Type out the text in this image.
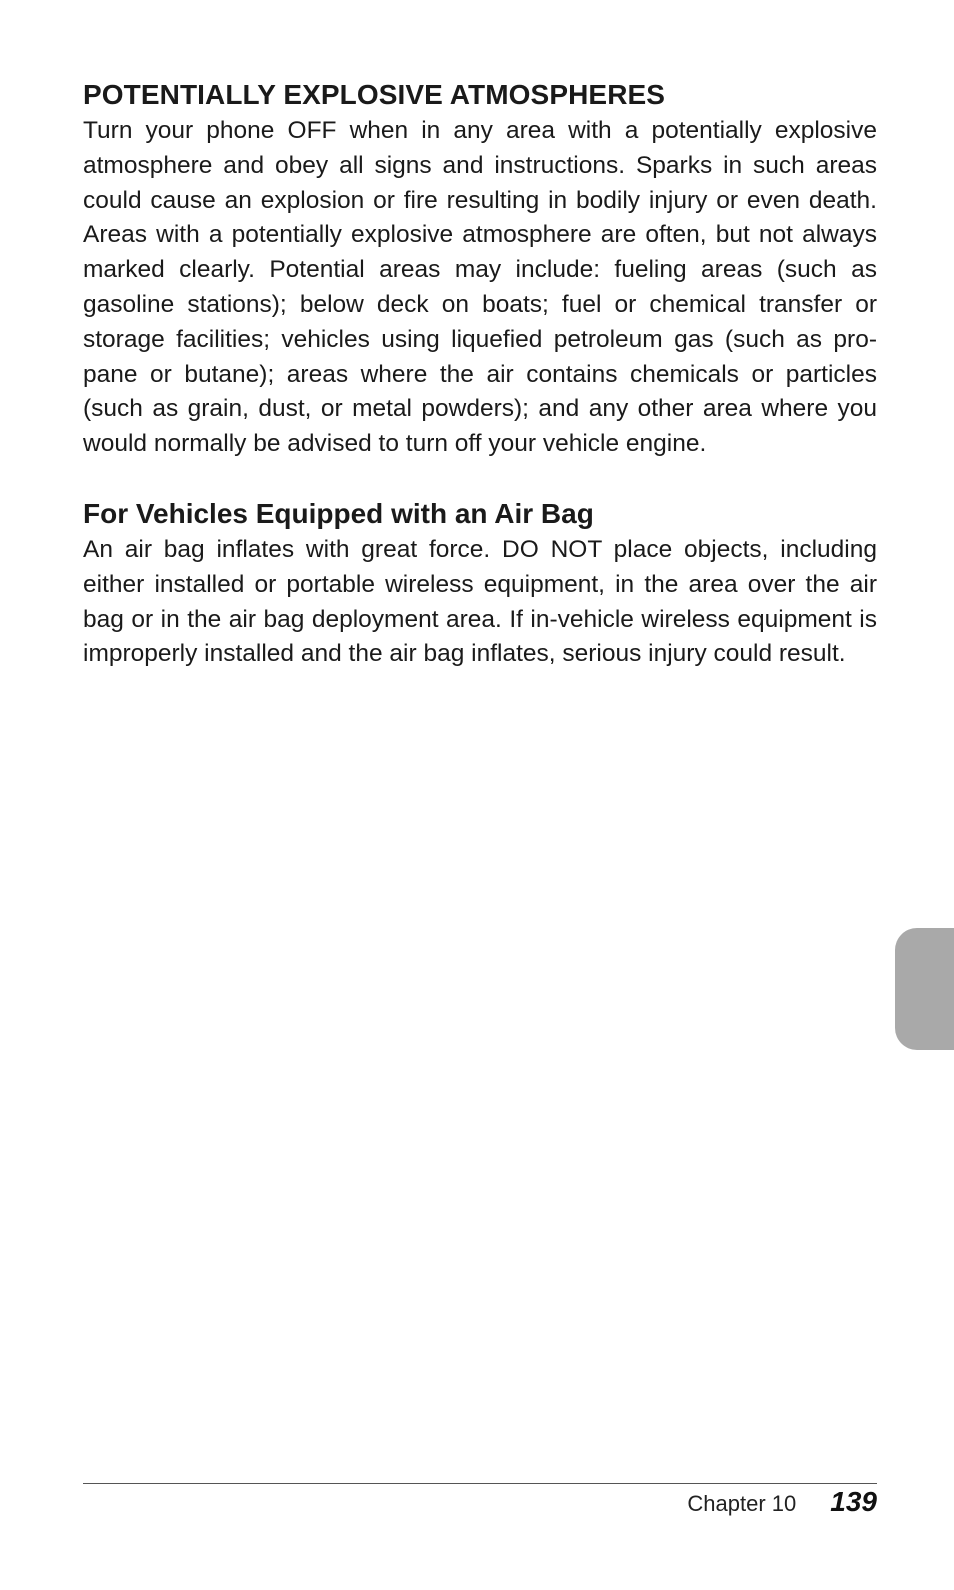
POTENTIALLY EXPLOSIVE ATMOSPHERES

Turn your phone OFF when in any area with a potentially explosive atmosphere and obey all signs and instructions. Sparks in such areas could cause an explosion or fire resulting in bodily injury or even death. Areas with a potentially explosive atmosphere are often, but not always marked clearly. Potential areas may include: fueling areas (such as gasoline stations); below deck on boats; fuel or chemical transfer or storage facilities; vehicles using liquefied petroleum gas (such as propane or butane); areas where the air contains chemicals or particles (such as grain, dust, or metal powders); and any other area where you would normally be advised to turn off your vehicle engine.

For Vehicles Equipped with an Air Bag

An air bag inflates with great force. DO NOT place objects, including either installed or portable wireless equipment, in the area over the air bag or in the air bag deployment area. If in-vehicle wireless equipment is improperly installed and the air bag inflates, serious injury could result.

Chapter 10 139
